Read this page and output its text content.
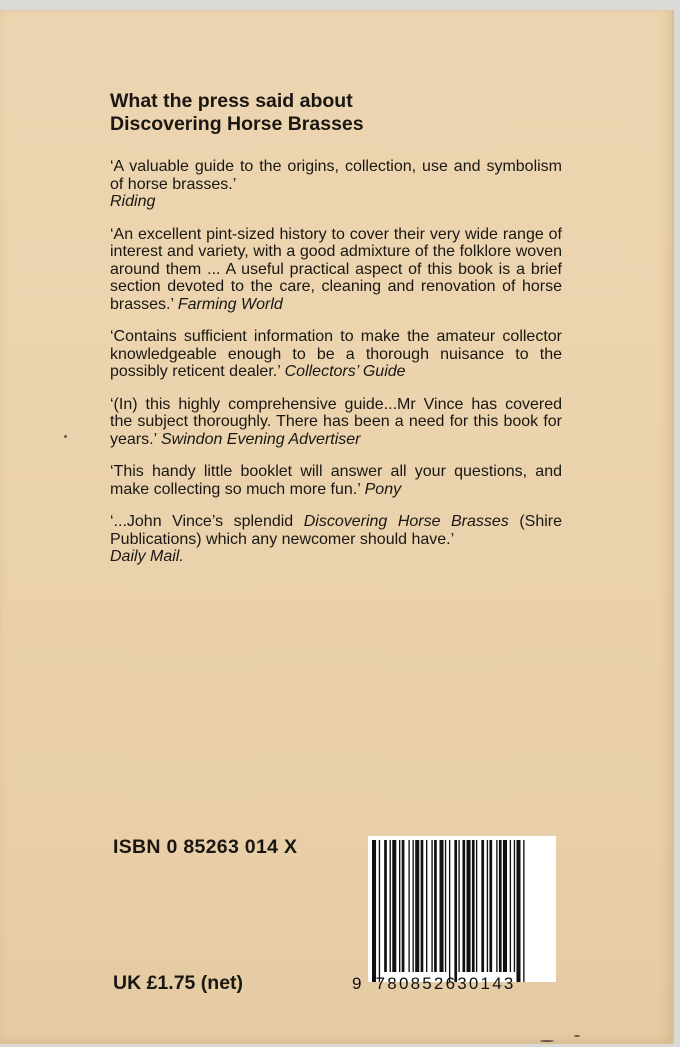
What the press said about
Discovering Horse Brasses

‘A valuable guide to the origins, collection, use and symbolism of horse brasses.’
Riding

‘An excellent pint-sized history to cover their very wide range of interest and variety, with a good admixture of the folklore woven around them ... A useful practical aspect of this book is a brief section devoted to the care, cleaning and renovation of horse brasses.’ Farming World

‘Contains sufficient information to make the amateur collector knowledgeable enough to be a thorough nuisance to the possibly reticent dealer.’ Collectors’ Guide

‘(In) this highly comprehensive guide...Mr Vince has covered the subject thoroughly. There has been a need for this book for years.’ Swindon Evening Advertiser

‘This handy little booklet will answer all your questions, and make collecting so much more fun.’ Pony

‘...John Vince’s splendid Discovering Horse Brasses (Shire Publications) which any newcomer should have.’
Daily Mail.

ISBN 0 85263 014 X
UK £1.75 (net)	9 780852630143
